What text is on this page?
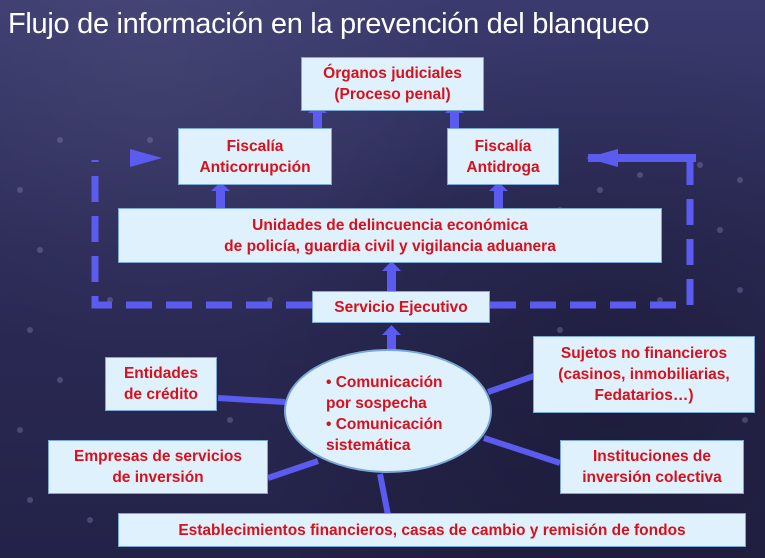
Flujo de información en la prevención del blanqueo
Órganos judiciales
(Proceso penal)
Fiscalía
Anticorrupción
Fiscalía
Antidroga
Unidades de delincuencia económica
de policía, guardia civil y vigilancia aduanera
Servicio Ejecutivo
Entidades
de crédito
• Comunicación
por sospecha
• Comunicación
sistemática
Sujetos no financieros
(casinos, inmobiliarias,
Fedatarios…)
Empresas de servicios
de inversión
Instituciones de
inversión colectiva
Establecimientos financieros, casas de cambio y remisión de fondos
